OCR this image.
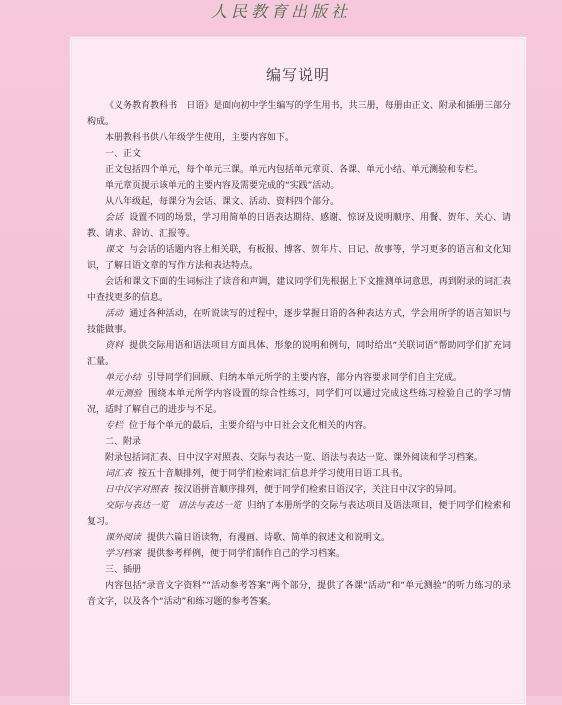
人民教育出版社
编写说明

《义务教育教科书　日语》是面向初中学生编写的学生用书，共三册，每册由正文、附录和插册三部分构成。

本册教科书供八年级学生使用，主要内容如下。

一、正文

正文包括四个单元，每个单元三课。单元内包括单元章页、各课、单元小结、单元测验和专栏。

单元章页提示该单元的主要内容及需要完成的“实践”活动。

从八年级起，每课分为会话、课文、活动、资料四个部分。

会话 设置不同的场景，学习用简单的日语表达期待、感谢、惊讶及说明顺序、用餐、贺年、关心、请教、请求、辞访、汇报等。

课文 与会话的话题内容上相关联，有板报、博客、贺年片、日记、故事等，学习更多的语言和文化知识，了解日语文章的写作方法和表达特点。

会话和课文下面的生词标注了读音和声调，建议同学们先根据上下文推测单词意思，再到附录的词汇表中查找更多的信息。

活动 通过各种活动，在听说读写的过程中，逐步掌握日语的各种表达方式，学会用所学的语言知识与技能做事。

资料 提供交际用语和语法项目方面具体、形象的说明和例句，同时给出“关联词语”帮助同学们扩充词汇量。

单元小结 引导同学们回顾、归纳本单元所学的主要内容，部分内容要求同学们自主完成。

单元测验 围绕本单元所学内容设置的综合性练习，同学们可以通过完成这些练习检验自己的学习情况，适时了解自己的进步与不足。

专栏 位于每个单元的最后，主要介绍与中日社会文化相关的内容。

二、附录

附录包括词汇表、日中汉字对照表、交际与表达一览、语法与表达一览、课外阅读和学习档案。

词汇表 按五十音顺排列，便于同学们检索词汇信息并学习使用日语工具书。

日中汉字对照表 按汉语拼音顺序排列，便于同学们检索日语汉字，关注日中汉字的异同。

交际与表达一览　语法与表达一览 归纳了本册所学的交际与表达项目及语法项目，便于同学们检索和复习。

课外阅读 提供六篇日语读物，有漫画、诗歌、简单的叙述文和说明文。

学习档案 提供参考样例，便于同学们制作自己的学习档案。

三、插册

内容包括“录音文字资料”“活动参考答案”两个部分，提供了各课“活动”和“单元测验”的听力练习的录音文字，以及各个“活动”和练习题的参考答案。
